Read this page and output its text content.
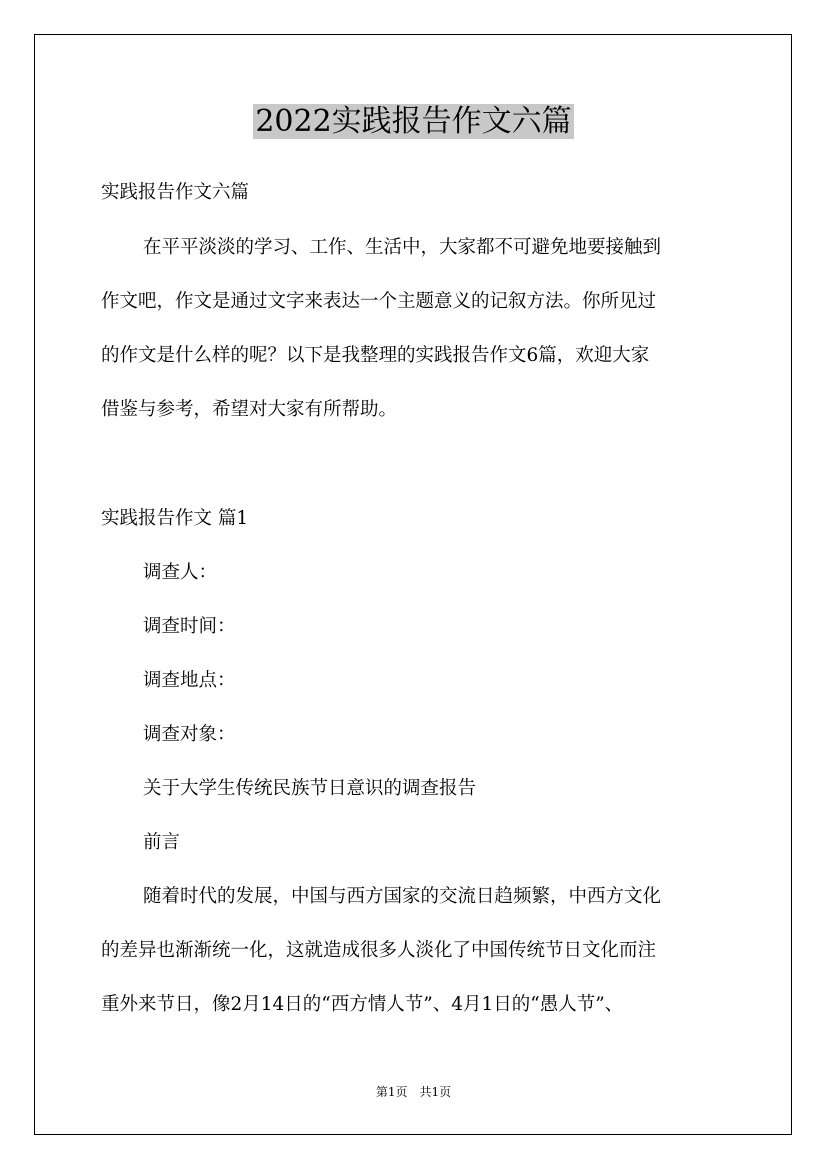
2022实践报告作文六篇

实践报告作文六篇

在平平淡淡的学习、工作、生活中，大家都不可避免地要接触到

作文吧，作文是通过文字来表达一个主题意义的记叙方法。你所见过

的作文是什么样的呢？以下是我整理的实践报告作文6篇，欢迎大家

借鉴与参考，希望对大家有所帮助。

实践报告作文 篇1

调查人：

调查时间：

调查地点：

调查对象：

关于大学生传统民族节日意识的调查报告

前言

随着时代的发展，中国与西方国家的交流日趋频繁，中西方文化

的差异也渐渐统一化，这就造成很多人淡化了中国传统节日文化而注

重外来节日，像2月14日的“西方情人节”、4月1日的“愚人节”、

第1页　共1页
